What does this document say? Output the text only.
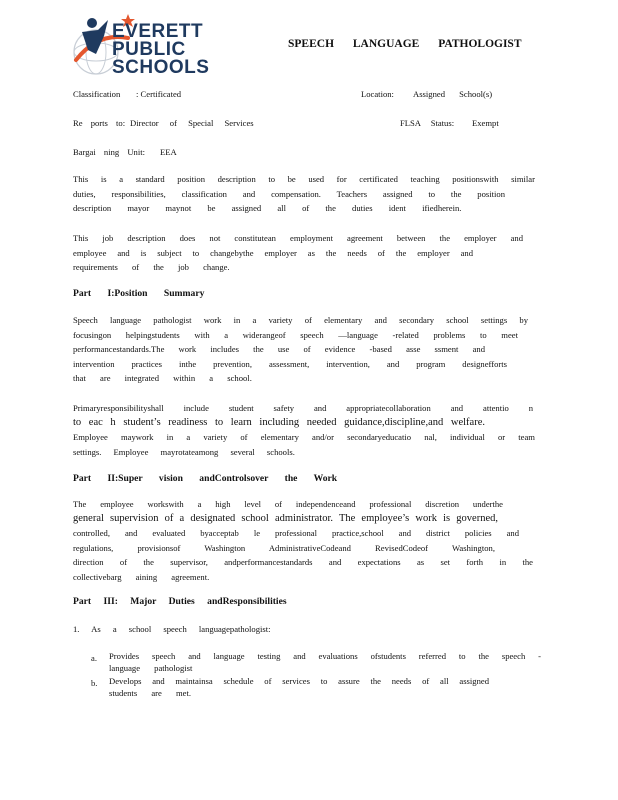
EVERETT
PUBLIC
SCHOOLS
SPEECH LANGUAGE PATHOLOGIST
Classification : Certificated	Location: Assigned School(s)
Re ports to: Director of Special Services	FLSA Status: Exempt
Bargai ning Unit: EEA
This is a standard position description to be used for certificated teaching positionswith similar
duties, responsibilities, classification and compensation. Teachers assigned to the position
description mayor maynot be assigned all of the duties ident ifiedherein.
This job description does not constitutean employment agreement between the employer and
employee and is subject to changebythe employer as the needs of the employer and
requirements of the job change.
Part I:Position Summary
Speech language pathologist work in a variety of elementary and secondary school settings by
focusingon helpingstudents with a widerangeof speech —language -related problems to meet
performancestandards.The work includes the use of evidence -based asse ssment and
intervention practices inthe prevention, assessment, intervention, and program designefforts
that are integrated within a school.
Primaryresponsibilityshall include student safety and appropriatecollaboration and attentio n
to eac h student’s readiness to learn including needed guidance,discipline,and welfare.
Employee maywork in a variety of elementary and/or secondaryeducatio nal, individual or team
settings. Employee mayrotateamong several schools.
Part II:Super vision andControlsover the Work
The employee workswith a high level of independenceand professional discretion underthe
general supervision of a designated school administrator. The employee’s work is governed,
controlled, and evaluated byacceptab le professional practice,school and district policies and
regulations, provisionsof Washington AdministrativeCodeand RevisedCodeof Washington,
direction of the supervisor, andperformancestandards and expectations as set forth in the
collectivebarg aining agreement.
Part III: Major Duties andResponsibilities
1. As a school speech languagepathologist:
a. Provides speech and language testing and evaluations ofstudents referred to the speech -
language pathologist
b. Develops and maintainsa schedule of services to assure the needs of all assigned
students are met.
